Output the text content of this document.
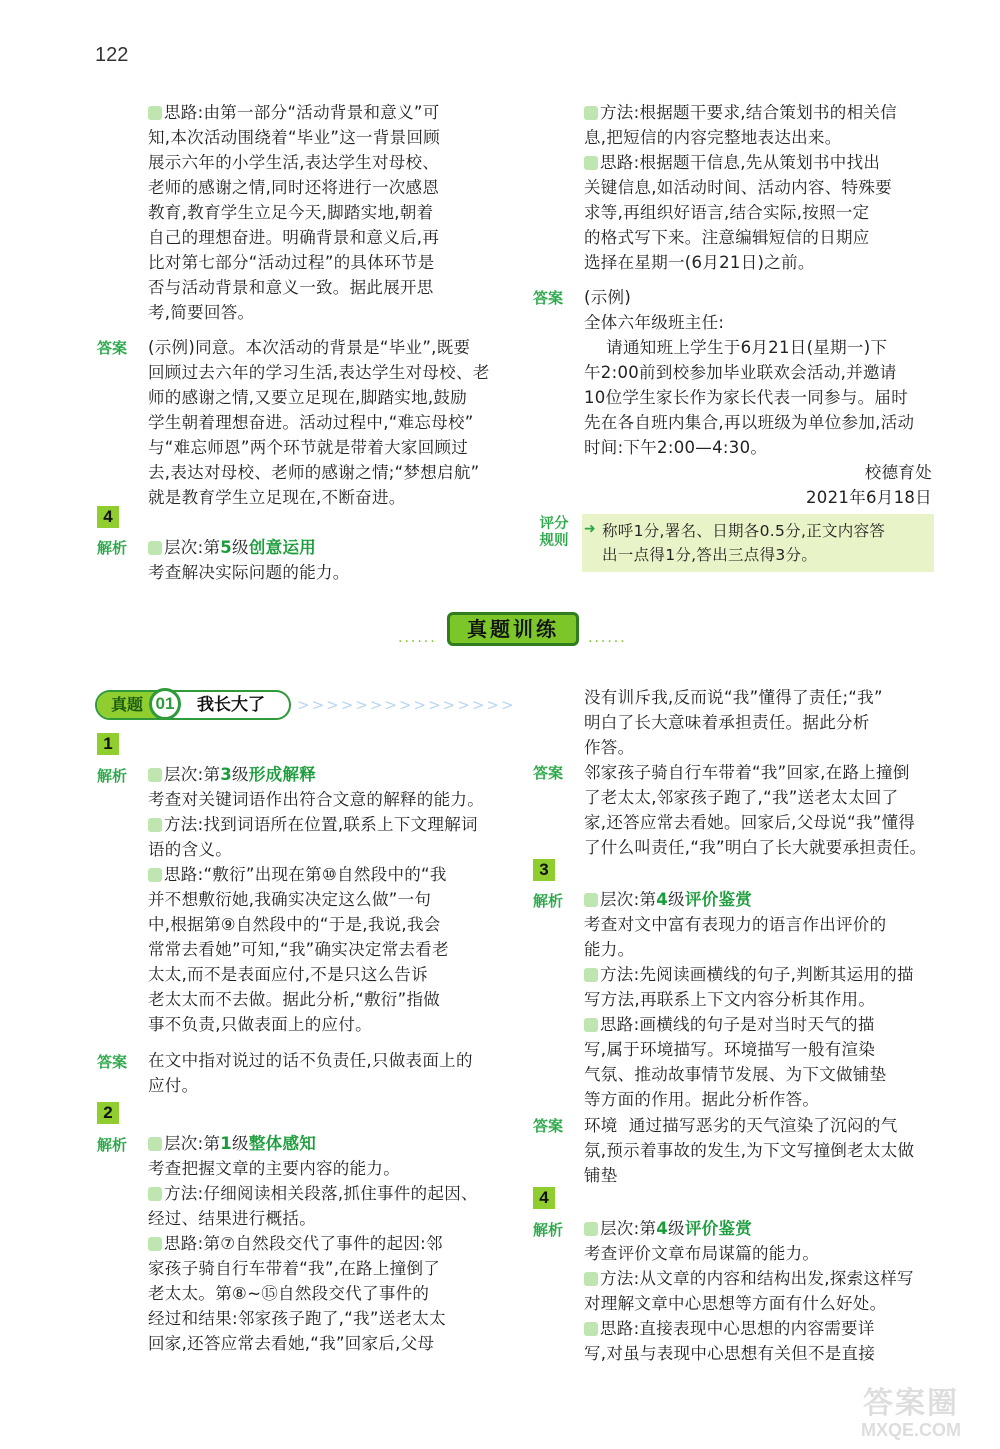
122
思路:由第一部分“活动背景和意义”可
知,本次活动围绕着“毕业”这一背景回顾
展示六年的小学生活,表达学生对母校、
老师的感谢之情,同时还将进行一次感恩
教育,教育学生立足今天,脚踏实地,朝着
自己的理想奋进。明确背景和意义后,再
比对第七部分“活动过程”的具体环节是
否与活动背景和意义一致。据此展开思
考,简要回答。
答案 (示例)同意。本次活动的背景是“毕业”,既要
回顾过去六年的学习生活,表达学生对母校、老
师的感谢之情,又要立足现在,脚踏实地,鼓励
学生朝着理想奋进。活动过程中,“难忘母校”
与“难忘师恩”两个环节就是带着大家回顾过
去,表达对母校、老师的感谢之情;“梦想启航”
就是教育学生立足现在,不断奋进。
4
解析	层次:第5级创意运用
考查解决实际问题的能力。
方法:根据题干要求,结合策划书的相关信
息,把短信的内容完整地表达出来。
思路:根据题干信息,先从策划书中找出
关键信息,如活动时间、活动内容、特殊要
求等,再组织好语言,结合实际,按照一定
的格式写下来。注意编辑短信的日期应
选择在星期一(6月21日)之前。
答案 (示例)
全体六年级班主任:
请通知班上学生于6月21日(星期一)下
午2:00前到校参加毕业联欢会活动,并邀请
10位学生家长作为家长代表一同参与。届时
先在各自班内集合,再以班级为单位参加,活动
时间:下午2:00—4:30。
校德育处
2021年6月18日
评分
规则
➜ 称呼1分,署名、日期各0.5分,正文内容答
出一点得1分,答出三点得3分。
......	真题训练	......
真题 01	我长大了 >>>>>>>>>>>>>>>
1
解析	层次:第3级形成解释
考查对关键词语作出符合文意的解释的能力。
方法:找到词语所在位置,联系上下文理解词
语的含义。
思路:“敷衍”出现在第⑩自然段中的“我
并不想敷衍她,我确实决定这么做”一句
中,根据第⑨自然段中的“于是,我说,我会
常常去看她”可知,“我”确实决定常去看老
太太,而不是表面应付,不是只这么告诉
老太太而不去做。据此分析,“敷衍”指做
事不负责,只做表面上的应付。
答案 在文中指对说过的话不负责任,只做表面上的
应付。
2
解析	层次:第1级整体感知
考查把握文章的主要内容的能力。
方法:仔细阅读相关段落,抓住事件的起因、
经过、结果进行概括。
思路:第⑦自然段交代了事件的起因:邻
家孩子骑自行车带着“我”,在路上撞倒了
老太太。第⑧~⑮自然段交代了事件的
经过和结果:邻家孩子跑了,“我”送老太太
回家,还答应常去看她,“我”回家后,父母
没有训斥我,反而说“我”懂得了责任;“我”
明白了长大意味着承担责任。据此分析
作答。
答案 邻家孩子骑自行车带着“我”回家,在路上撞倒
了老太太,邻家孩子跑了,“我”送老太太回了
家,还答应常去看她。回家后,父母说“我”懂得
了什么叫责任,“我”明白了长大就要承担责任。
3
解析	层次:第4级评价鉴赏
考查对文中富有表现力的语言作出评价的
能力。
方法:先阅读画横线的句子,判断其运用的描
写方法,再联系上下文内容分析其作用。
思路:画横线的句子是对当时天气的描
写,属于环境描写。环境描写一般有渲染
气氛、推动故事情节发展、为下文做铺垫
等方面的作用。据此分析作答。
答案 环境  通过描写恶劣的天气渲染了沉闷的气
氛,预示着事故的发生,为下文写撞倒老太太做
铺垫
4
解析	层次:第4级评价鉴赏
考查评价文章布局谋篇的能力。
方法:从文章的内容和结构出发,探索这样写
对理解文章中心思想等方面有什么好处。
思路:直接表现中心思想的内容需要详
写,对虽与表现中心思想有关但不是直接
答案圈
MXQE.COM
